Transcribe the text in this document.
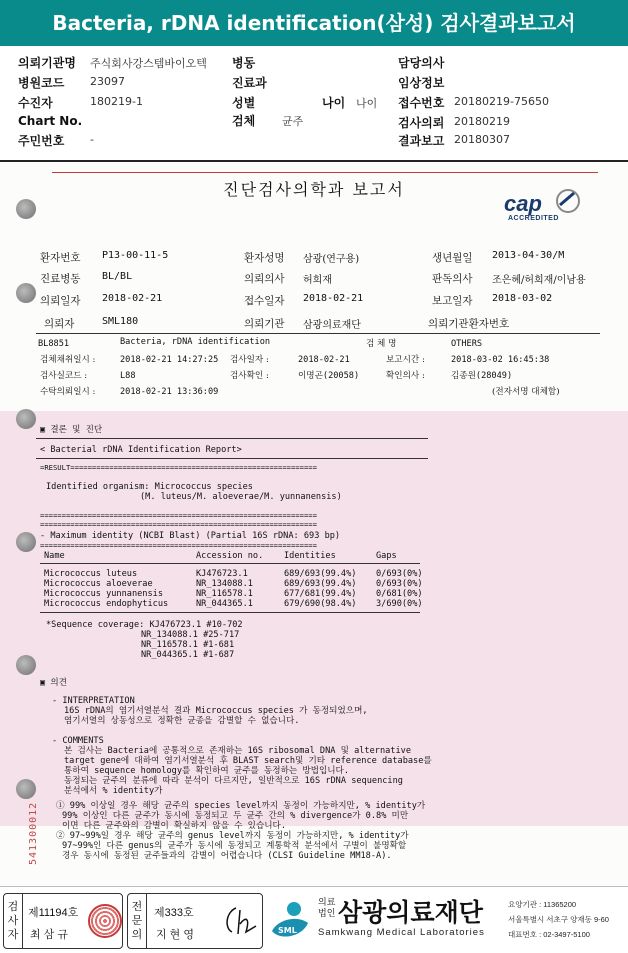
Bacteria, rDNA identification(삼성) 검사결과보고서
의뢰기관명 주식회사강스템바이오텍 병동	담당의사
병원코드 23097	진료과	임상정보
수진자	180219-1	성별	나이 나이 접수번호 20180219-75650
Chart No.	검체 균주	검사의뢰 20180219
주민번호 -	결과보고 20180307
진단검사의학과 보고서
cap
ACCREDITED
환자번호 P13-00-11-5	환자성명 삼광(연구용)	생년월일 2013-04-30/M
진료병동 BL/BL	의뢰의사 허희재	판독의사 조은혜/허희재/이남용
의뢰일자 2018-02-21	접수일자 2018-02-21	보고일자 2018-03-02
의뢰자	SML180	의뢰기관 삼광의료재단	의뢰기관환자번호
BL8851	Bacteria, rDNA identification	검 체 명	OTHERS
검체채취일시 :	2018-02-21 14:27:25 검사일자 :	2018-02-21	보고시간 :	2018-03-02 16:45:38
검사실코드 :	L88	검사확인 :	이명곤(20058)	확인의사 :	김종원(28049)
수탁의뢰일시 :	2018-02-21 13:36:09	(전자서명 대체함)
▣ 결론 및 진단
< Bacterial rDNA Identification Report>
=RESULT=========================================================
Identified organism: Micrococcus species
(M. luteus/M. aloeverae/M. yunnanensis)
================================================================
================================================================
- Maximum identity (NCBI Blast) (Partial 16S rDNA: 693 bp)
================================================================
Name	Accession no. Identities	Gaps
Micrococcus luteus	KJ476723.1	689/693(99.4%) 0/693(0%)
Micrococcus aloeverae	NR_134088.1	689/693(99.4%) 0/693(0%)
Micrococcus yunnanensis	NR_116578.1	677/681(99.4%) 0/681(0%)
Micrococcus endophyticus	NR_044365.1	679/690(98.4%) 3/690(0%)
*Sequence coverage: KJ476723.1 #10-702
NR_134088.1 #25-717
NR_116578.1 #1-681
NR_044365.1 #1-687
▣ 의견
- INTERPRETATION
16S rDNA의 염기서열분석 결과 Micrococcus species 가 동정되었으며,
염기서열의 상동성으로 정확한 균종을 감별할 수 없습니다.
- COMMENTS
본 검사는 Bacteria에 공통적으로 존재하는 16S ribosomal DNA 및 alternative
target gene에 대하여 염기서열분석 후 BLAST search및 기타 reference database를
통하여 sequence homology를 확인하여 균주를 동정하는 방법입니다.
동정되는 균주의 분류에 따라 분석이 다르지만, 일반적으로 16S rDNA sequencing
분석에서 % identity가
① 99% 이상일 경우 해당 균주의 species level까지 동정이 가능하지만, % identity가
99% 이상인 다른 균주가 동시에 동정되고 두 균주 간의 % divergence가 0.8% 미만
이면 다른 균주와의 감별이 확실하지 않을 수 있습니다.
② 97~99%일 경우 해당 균주의 genus level까지 동정이 가능하지만, % identity가
97~99%인 다른 genus의 균주가 동시에 동정되고 계통학적 분석에서 구별이 불명확할
경우 동시에 동정된 균주들과의 감별이 어렵습니다 (CLSI Guideline MM18-A).
541300012
검
사
자
제11194호
최 삼 규
전
문
의
제333호
지 현 영	SML
의료 법인 삼광의료재단
Samkwang Medical Laboratories
요양기관 : 11365200
서울특별시 서초구 양재동 9-60
대표번호 : 02-3497-5100
